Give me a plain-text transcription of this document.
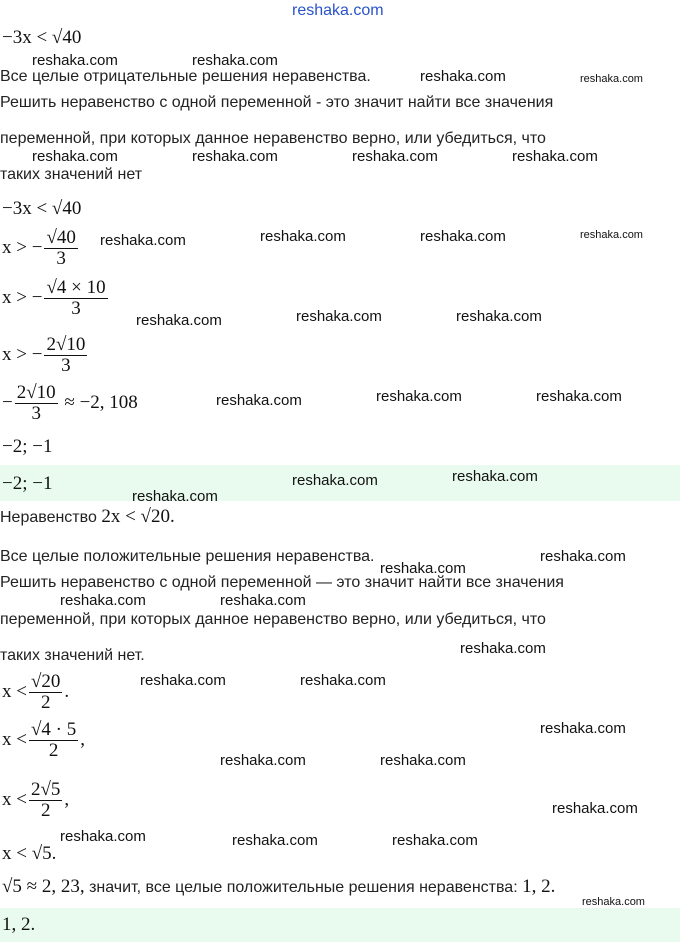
reshaka.com
−3x < √40
Все целые отрицательные решения неравенства.
Решить неравенство с одной переменной - это значит найти все значения
переменной, при которых данное неравенство верно, или убедиться, что
таких значений нет
−3x < √40
x > − $\frac{√40}{3}$
x > − $\frac{√4 \times 10}{3}$
x > − $\frac{2√10}{3}$
− $\frac{2√10}{3} \approx -2$, 108
−2; −1
−2; −1
Неравенство 2x < √20.
Все целые положительные решения неравенства.
Решить неравенство с одной переменной — это значит найти все значения
переменной, при которых данное неравенство верно, или убедиться, что
таких значений нет.
$x < \frac{√20}{2}$ .
$x < \frac{√4 \cdot 5}{2}$ ,
$x < \frac{2√5}{2}$ ,
x < √5.
√5 ≈ 2, 23, значит, все целые положительные решения неравенства: 1, 2.
1, 2.
reshaka.com	reshaka.com
reshaka.com	reshaka.com
reshaka.com	reshaka.com	reshaka.com	reshaka.com
reshaka.com	reshaka.com	reshaka.com	reshaka.com
reshaka.com	reshaka.com	reshaka.com
reshaka.com	reshaka.com	reshaka.com
reshaka.com	reshaka.com
reshaka.com
reshaka.com
reshaka.com
reshaka.com	reshaka.com
reshaka.com
reshaka.com	reshaka.com
reshaka.com
reshaka.com	reshaka.com
reshaka.com
reshaka.com	reshaka.com	reshaka.com
reshaka.com
